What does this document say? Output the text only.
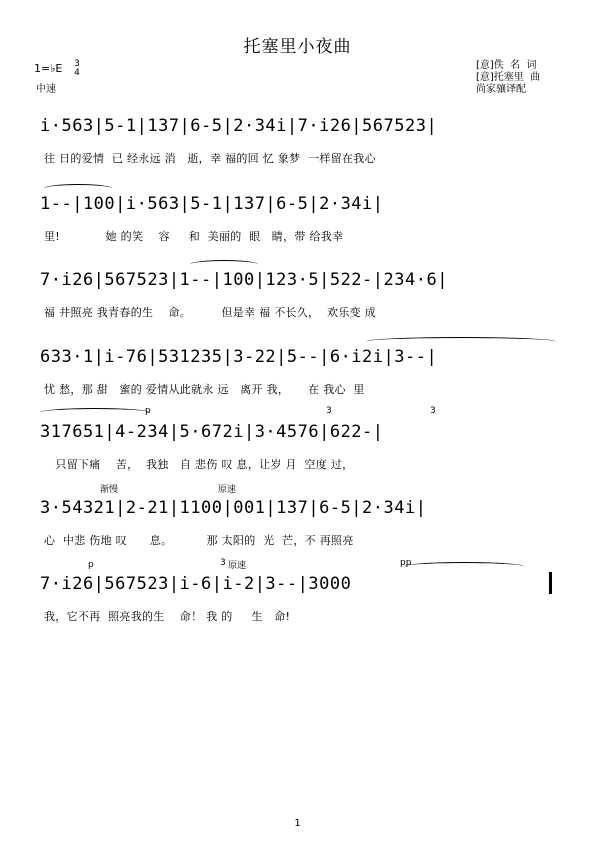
托塞里小夜曲
1=♭E 3
4
中速
[意]佚  名  词
[意]托塞里  曲
尚家骧译配
i·563|5-1|137|6-5|2·34i|7·i26|567523|
往 日的爱情  已 经永远 消   逝，幸 福的回 忆 象梦  一样留在我心
1--|100|i·563|5-1|137|6-5|2·34i|
里!            她 的笑    容     和  美丽的  眼   睛，带 给我幸
7·i26|567523|1--|100|123·5|522-|234·6|
福 井照亮 我青春的生    命。        但是幸 福 不长久，  欢乐变 成
633·1|i-76|531235|3-22|5--|6·i2i|3--|
忧 愁，那 甜   蜜的 爱情从此就永 远   离开 我，     在 我心  里
p	3	3
317651|4-234|5·672i|3·4576|622-|
只留下痛    苦，  我独   自 悲伤 叹 息，让岁 月  空度 过，
渐慢	原速
3·54321|2-21|1100|001|137|6-5|2·34i|
心  中悲 伤地 叹      息。         那 太阳的  光  芒，不 再照亮
p	原速
3	pp
7·i26|567523|i-6|i-2|3--|3000
我，它不再  照亮我的生    命！ 我 的     生   命!
1
